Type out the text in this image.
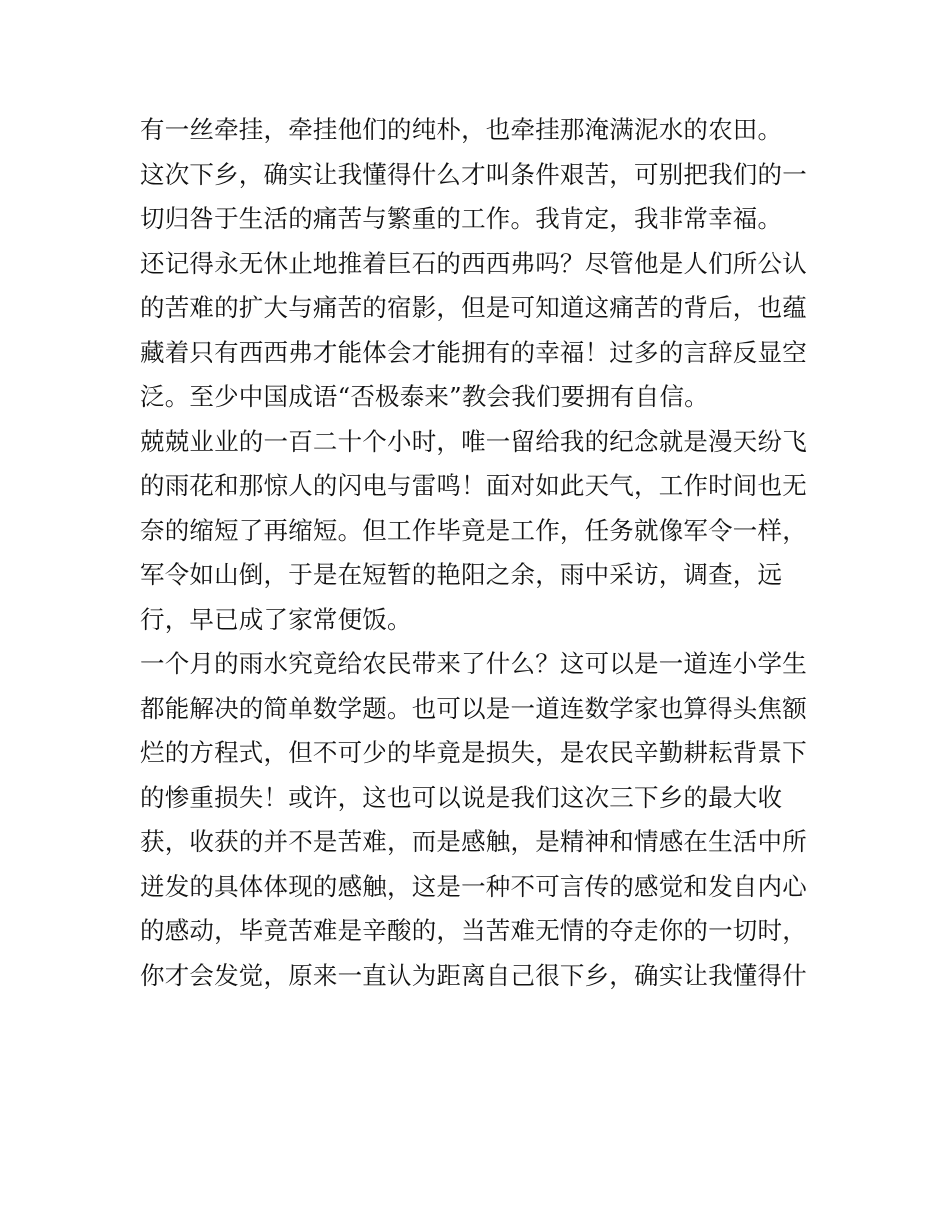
有一丝牵挂，牵挂他们的纯朴，也牵挂那淹满泥水的农田。
这次下乡，确实让我懂得什么才叫条件艰苦，可别把我们的一
切归咎于生活的痛苦与繁重的工作。我肯定，我非常幸福。
还记得永无休止地推着巨石的西西弗吗？尽管他是人们所公认
的苦难的扩大与痛苦的宿影，但是可知道这痛苦的背后，也蕴
藏着只有西西弗才能体会才能拥有的幸福！过多的言辞反显空
泛。至少中国成语“否极泰来”教会我们要拥有自信。
兢兢业业的一百二十个小时，唯一留给我的纪念就是漫天纷飞
的雨花和那惊人的闪电与雷鸣！面对如此天气，工作时间也无
奈的缩短了再缩短。但工作毕竟是工作，任务就像军令一样，
军令如山倒，于是在短暂的艳阳之余，雨中采访，调查，远
行，早已成了家常便饭。
一个月的雨水究竟给农民带来了什么？这可以是一道连小学生
都能解决的简单数学题。也可以是一道连数学家也算得头焦额
烂的方程式，但不可少的毕竟是损失，是农民辛勤耕耘背景下
的惨重损失！或许，这也可以说是我们这次三下乡的最大收
获，收获的并不是苦难，而是感触，是精神和情感在生活中所
迸发的具体体现的感触，这是一种不可言传的感觉和发自内心
的感动，毕竟苦难是辛酸的，当苦难无情的夺走你的一切时，
你才会发觉，原来一直认为距离自己很下乡，确实让我懂得什
